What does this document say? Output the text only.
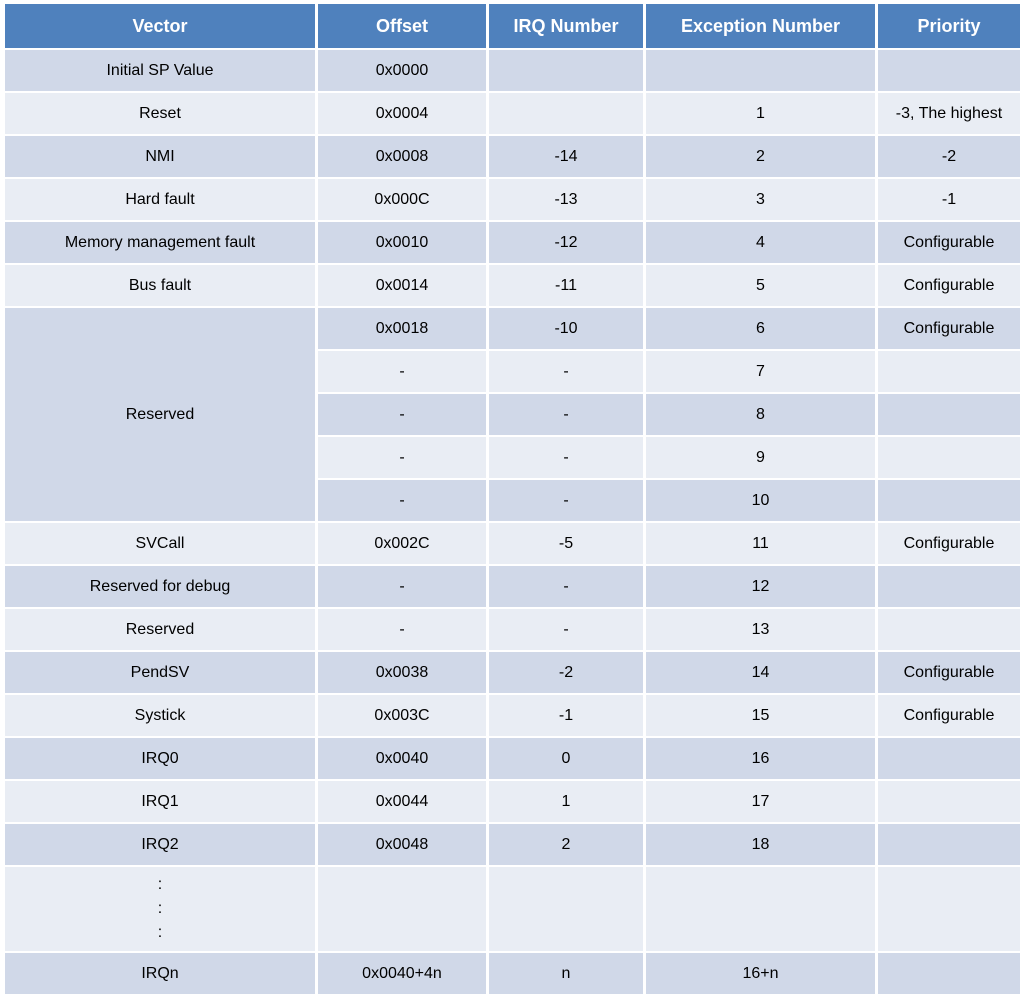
Vector	Offset	IRQ Number	Exception Number	Priority
Initial SP Value	0x0000			
Reset	0x0004		1	-3, The highest
NMI	0x0008	-14	2	-2
Hard fault	0x000C	-13	3	-1
Memory management fault	0x0010	-12	4	Configurable
Bus fault	0x0014	-11	5	Configurable
Reserved	0x0018	-10	6	Configurable
	-	-	7	
	-	-	8	
	-	-	9	
	-	-	10	
SVCall	0x002C	-5	11	Configurable
Reserved for debug	-	-	12	
Reserved	-	-	13	
PendSV	0x0038	-2	14	Configurable
Systick	0x003C	-1	15	Configurable
IRQ0	0x0040	0	16	
IRQ1	0x0044	1	17	
IRQ2	0x0048	2	18	
:
:
:				
IRQn	0x0040+4n	n	16+n	
